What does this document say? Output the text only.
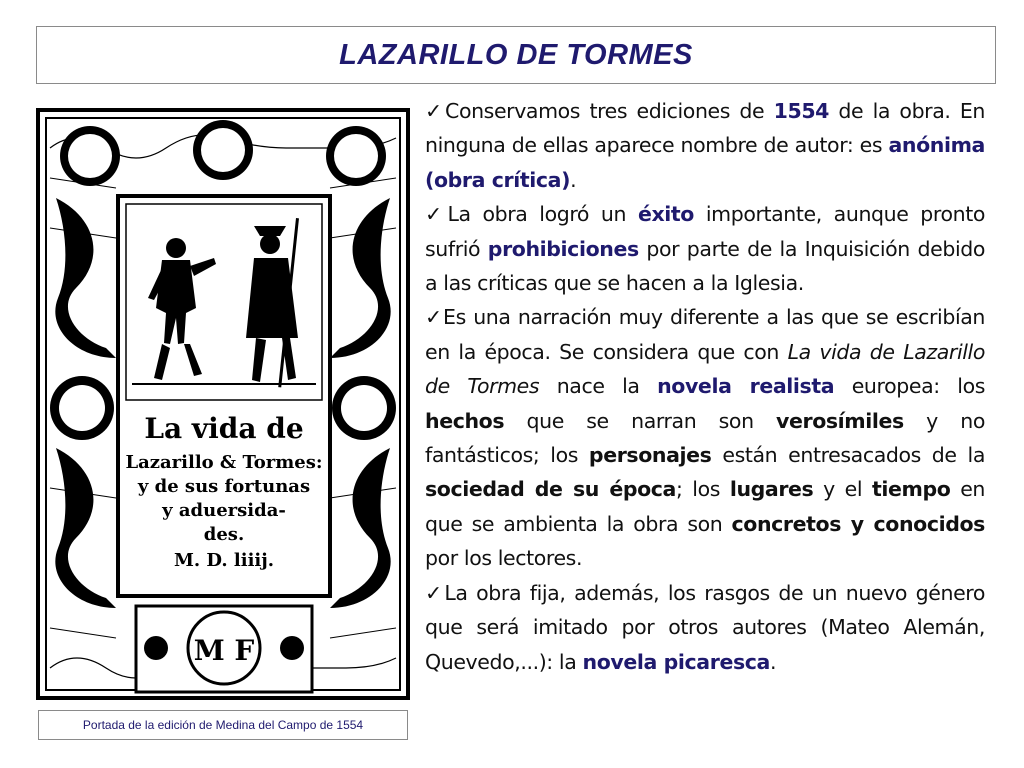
LAZARILLO DE TORMES
La vida de
Lazarillo & Tormes:
y de sus fortunas
y aduersida-
des.
M. D. liiij.
M F
Portada de la edición de Medina del Campo de 1554

✓Conservamos tres ediciones de 1554 de la obra. En ninguna de ellas aparece nombre de autor: es anónima (obra crítica).

✓La obra logró un éxito importante, aunque pronto sufrió prohibiciones por parte de la Inquisición debido a las críticas que se hacen a la Iglesia.

✓Es una narración muy diferente a las que se escribían en la época. Se considera que con La vida de Lazarillo de Tormes nace la novela realista europea: los hechos que se narran son verosímiles y no fantásticos; los personajes están entresacados de la sociedad de su época; los lugares y el tiempo en que se ambienta la obra son concretos y conocidos por los lectores.

✓La obra fija, además, los rasgos de un nuevo género que será imitado por otros autores (Mateo Alemán, Quevedo,...): la novela picaresca.
